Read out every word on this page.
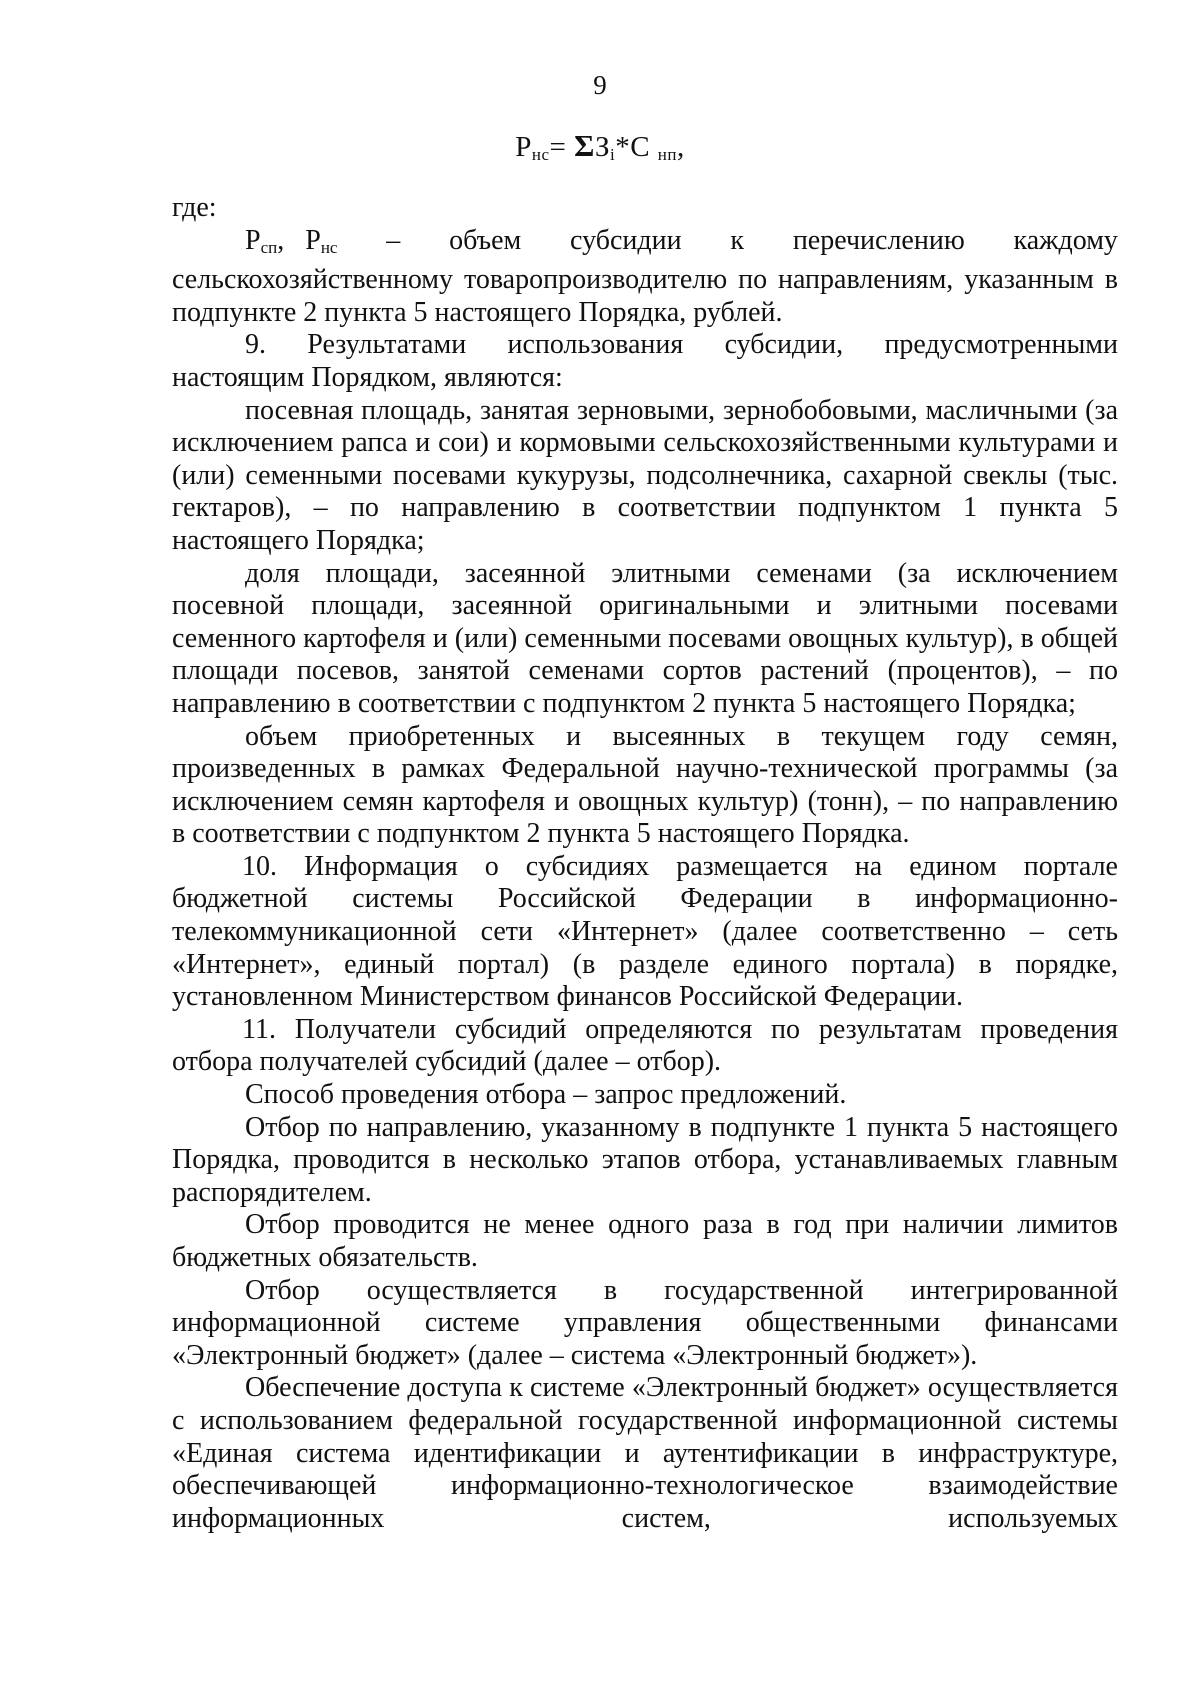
9
$Р_{нс}= \Sigma З_i*С$ $_{нп}$,

где:

$Р_{сп}$, $Р_{нс}$ – объем субсидии к перечислению каждому

сельскохозяйственному товаропроизводителю по направлениям, указанным в подпункте 2 пункта 5 настоящего Порядка, рублей.

9. Результатами использования субсидии, предусмотренными настоящим Порядком, являются:

посевная площадь, занятая зерновыми, зернобобовыми, масличными (за исключением рапса и сои) и кормовыми сельскохозяйственными культурами и (или) семенными посевами кукурузы, подсолнечника, сахарной свеклы (тыс. гектаров), – по направлению в соответствии подпунктом 1 пункта 5 настоящего Порядка;

доля площади, засеянной элитными семенами (за исключением посевной площади, засеянной оригинальными и элитными посевами семенного картофеля и (или) семенными посевами овощных культур), в общей площади посевов, занятой семенами сортов растений (процентов), – по направлению в соответствии с подпунктом 2 пункта 5 настоящего Порядка;

объем приобретенных и высеянных в текущем году семян, произведенных в рамках Федеральной научно-технической программы (за исключением семян картофеля и овощных культур) (тонн), – по направлению в соответствии с подпунктом 2 пункта 5 настоящего Порядка.

10. Информация о субсидиях размещается на едином портале бюджетной системы Российской Федерации в информационно-телекоммуникационной сети «Интернет» (далее соответственно – сеть «Интернет», единый портал) (в разделе единого портала) в порядке, установленном Министерством финансов Российской Федерации.

11. Получатели субсидий определяются по результатам проведения отбора получателей субсидий (далее – отбор).

Способ проведения отбора – запрос предложений.

Отбор по направлению, указанному в подпункте 1 пункта 5 настоящего Порядка, проводится в несколько этапов отбора, устанавливаемых главным распорядителем.

Отбор проводится не менее одного раза в год при наличии лимитов бюджетных обязательств.

Отбор осуществляется в государственной интегрированной информационной системе управления общественными финансами «Электронный бюджет» (далее – система «Электронный бюджет»).

Обеспечение доступа к системе «Электронный бюджет» осуществляется с использованием федеральной государственной информационной системы «Единая система идентификации и аутентификации в инфраструктуре, обеспечивающей информационно-технологическое взаимодействие информационных систем, используемых
